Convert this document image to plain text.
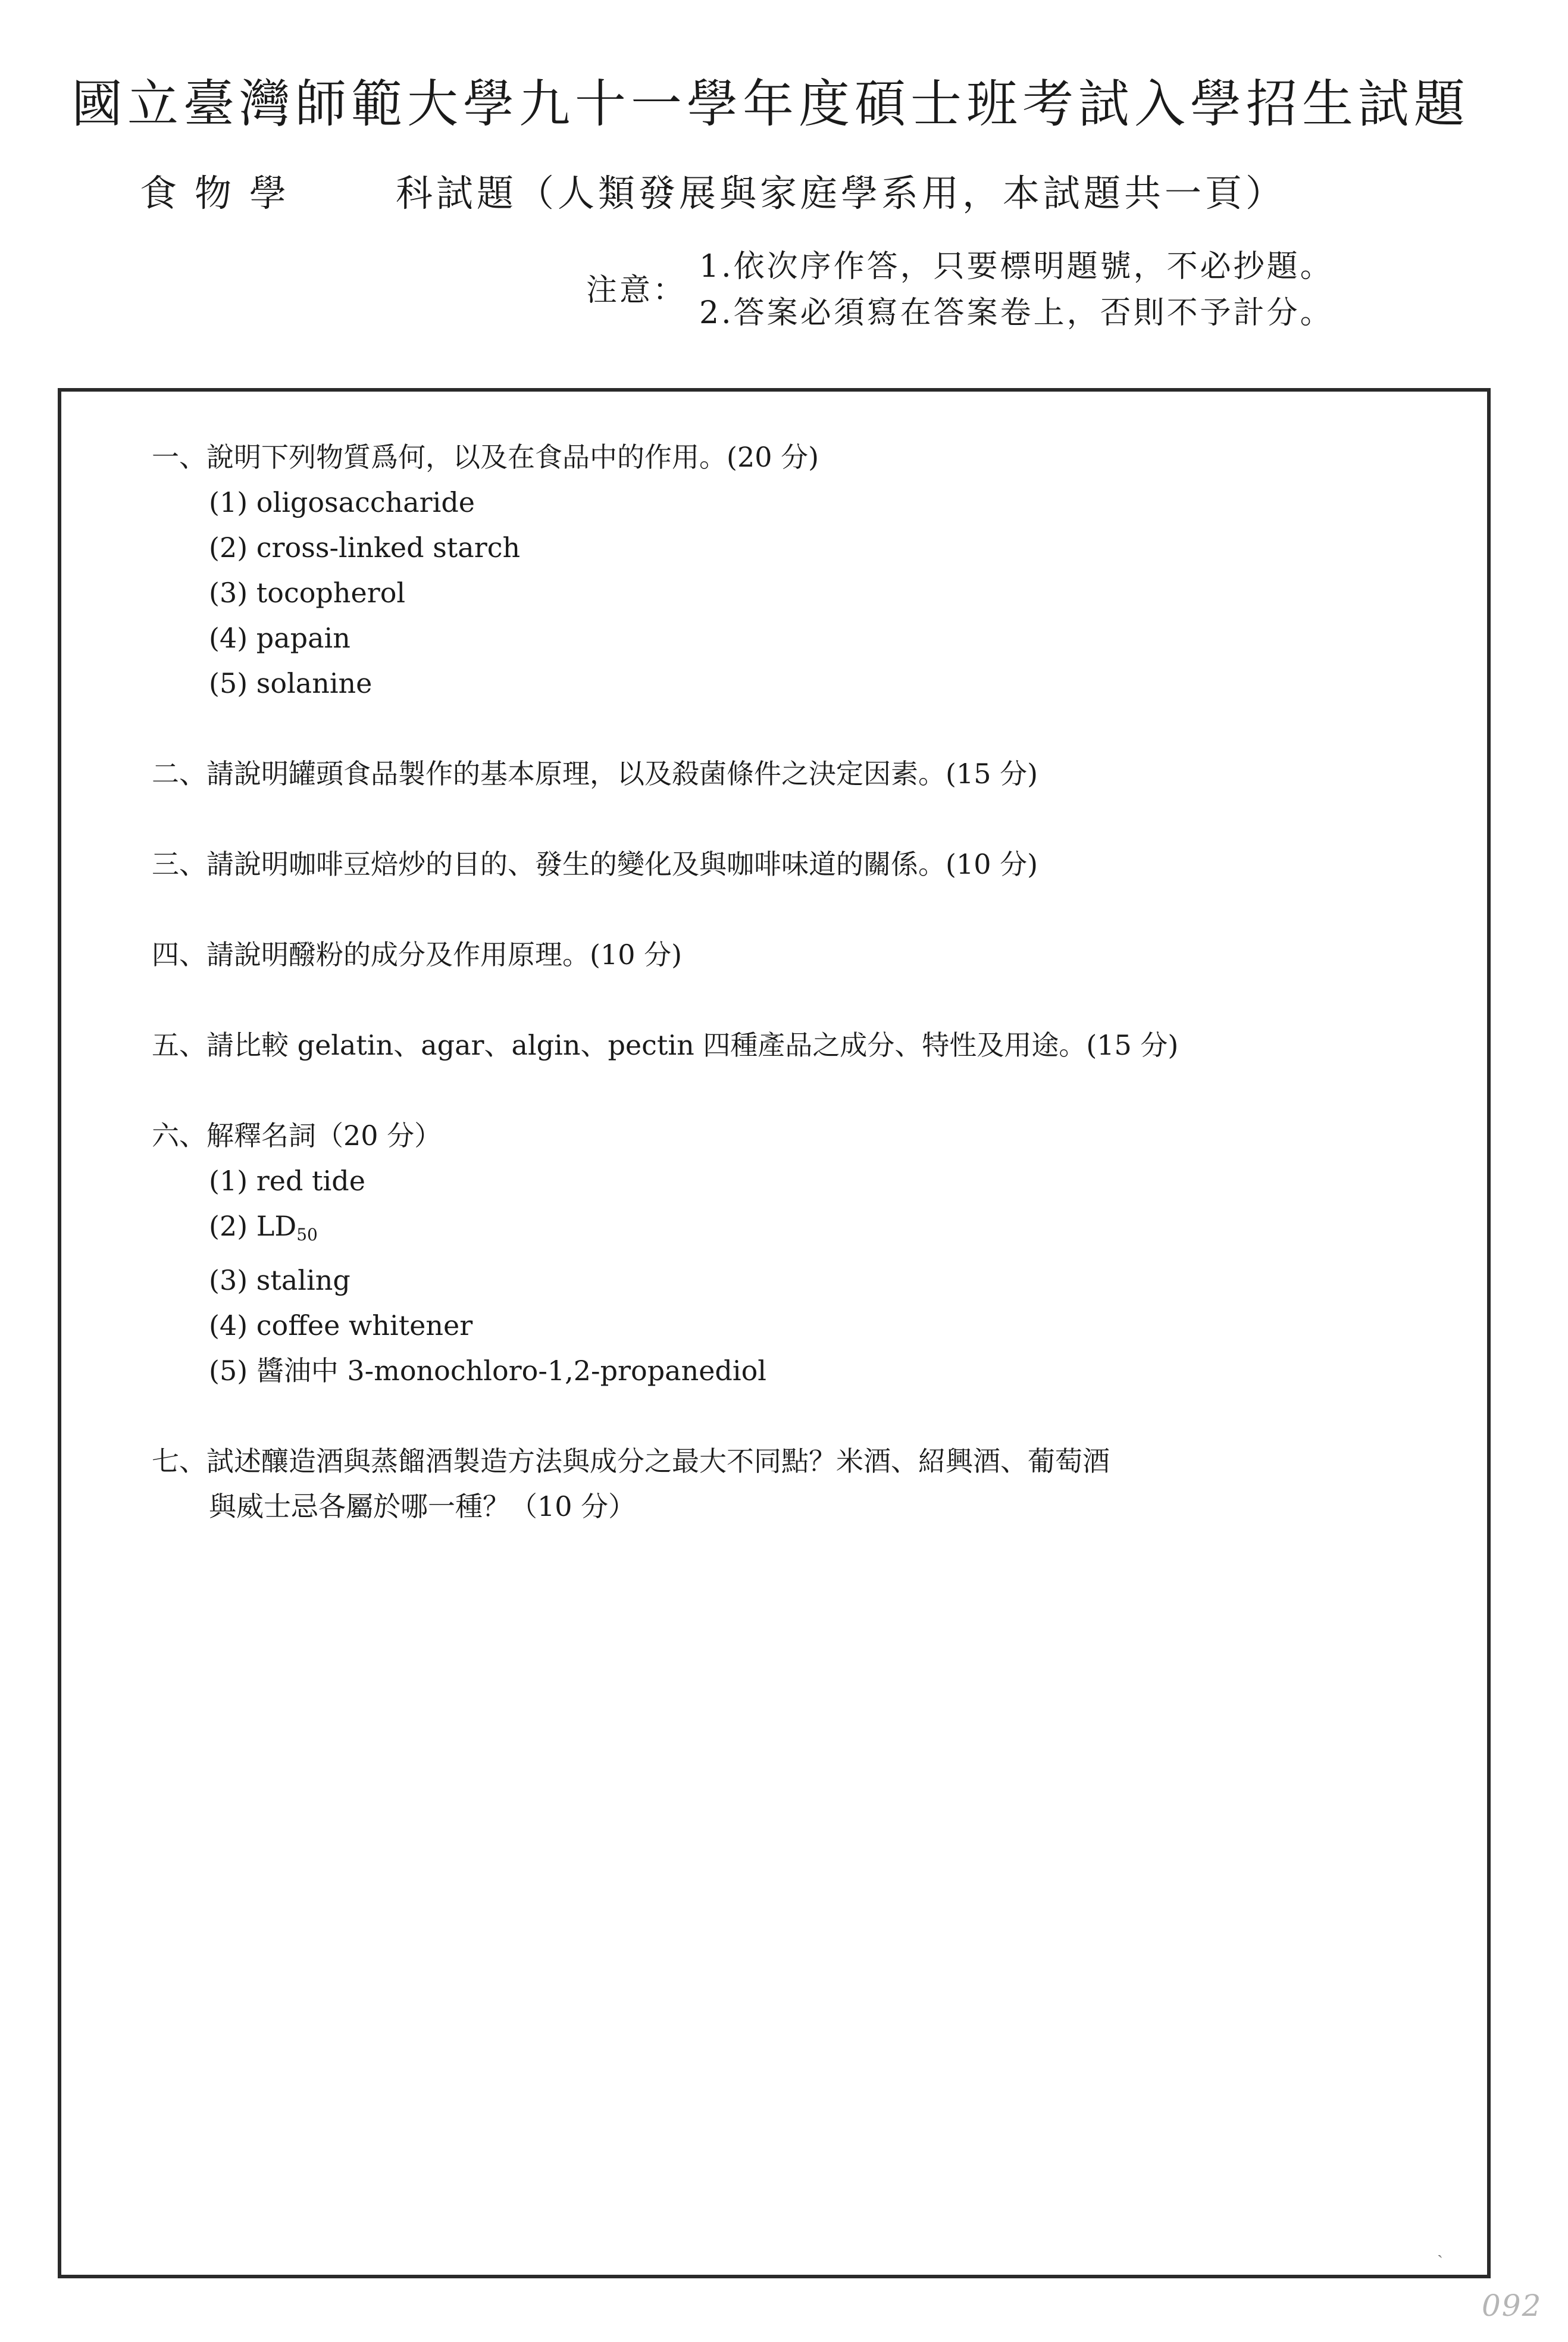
國立臺灣師範大學九十一學年度碩士班考試入學招生試題
食物學 科試題（人類發展與家庭學系用，本試題共一頁）
注意：
1.依次序作答，只要標明題號，不必抄題。
2.答案必須寫在答案卷上，否則不予計分。
一、說明下列物質爲何，以及在食品中的作用。(20 分)
(1) oligosaccharide
(2) cross-linked starch
(3) tocopherol
(4) papain
(5) solanine
二、請說明罐頭食品製作的基本原理，以及殺菌條件之決定因素。(15 分)
三、請說明咖啡豆焙炒的目的、發生的變化及與咖啡味道的關係。(10 分)
四、請說明醱粉的成分及作用原理。(10 分)
五、請比較 gelatin、agar、algin、pectin 四種產品之成分、特性及用途。(15 分)
六、解釋名詞（20 分）
(1) red tide
(2) $LD_{50}$
(3) staling
(4) coffee whitener
(5) 醬油中 3-monochloro-1,2-propanediol
七、試述釀造酒與蒸餾酒製造方法與成分之最大不同點？米酒、紹興酒、葡萄酒
與威士忌各屬於哪一種？（10 分）
ˎ
092
